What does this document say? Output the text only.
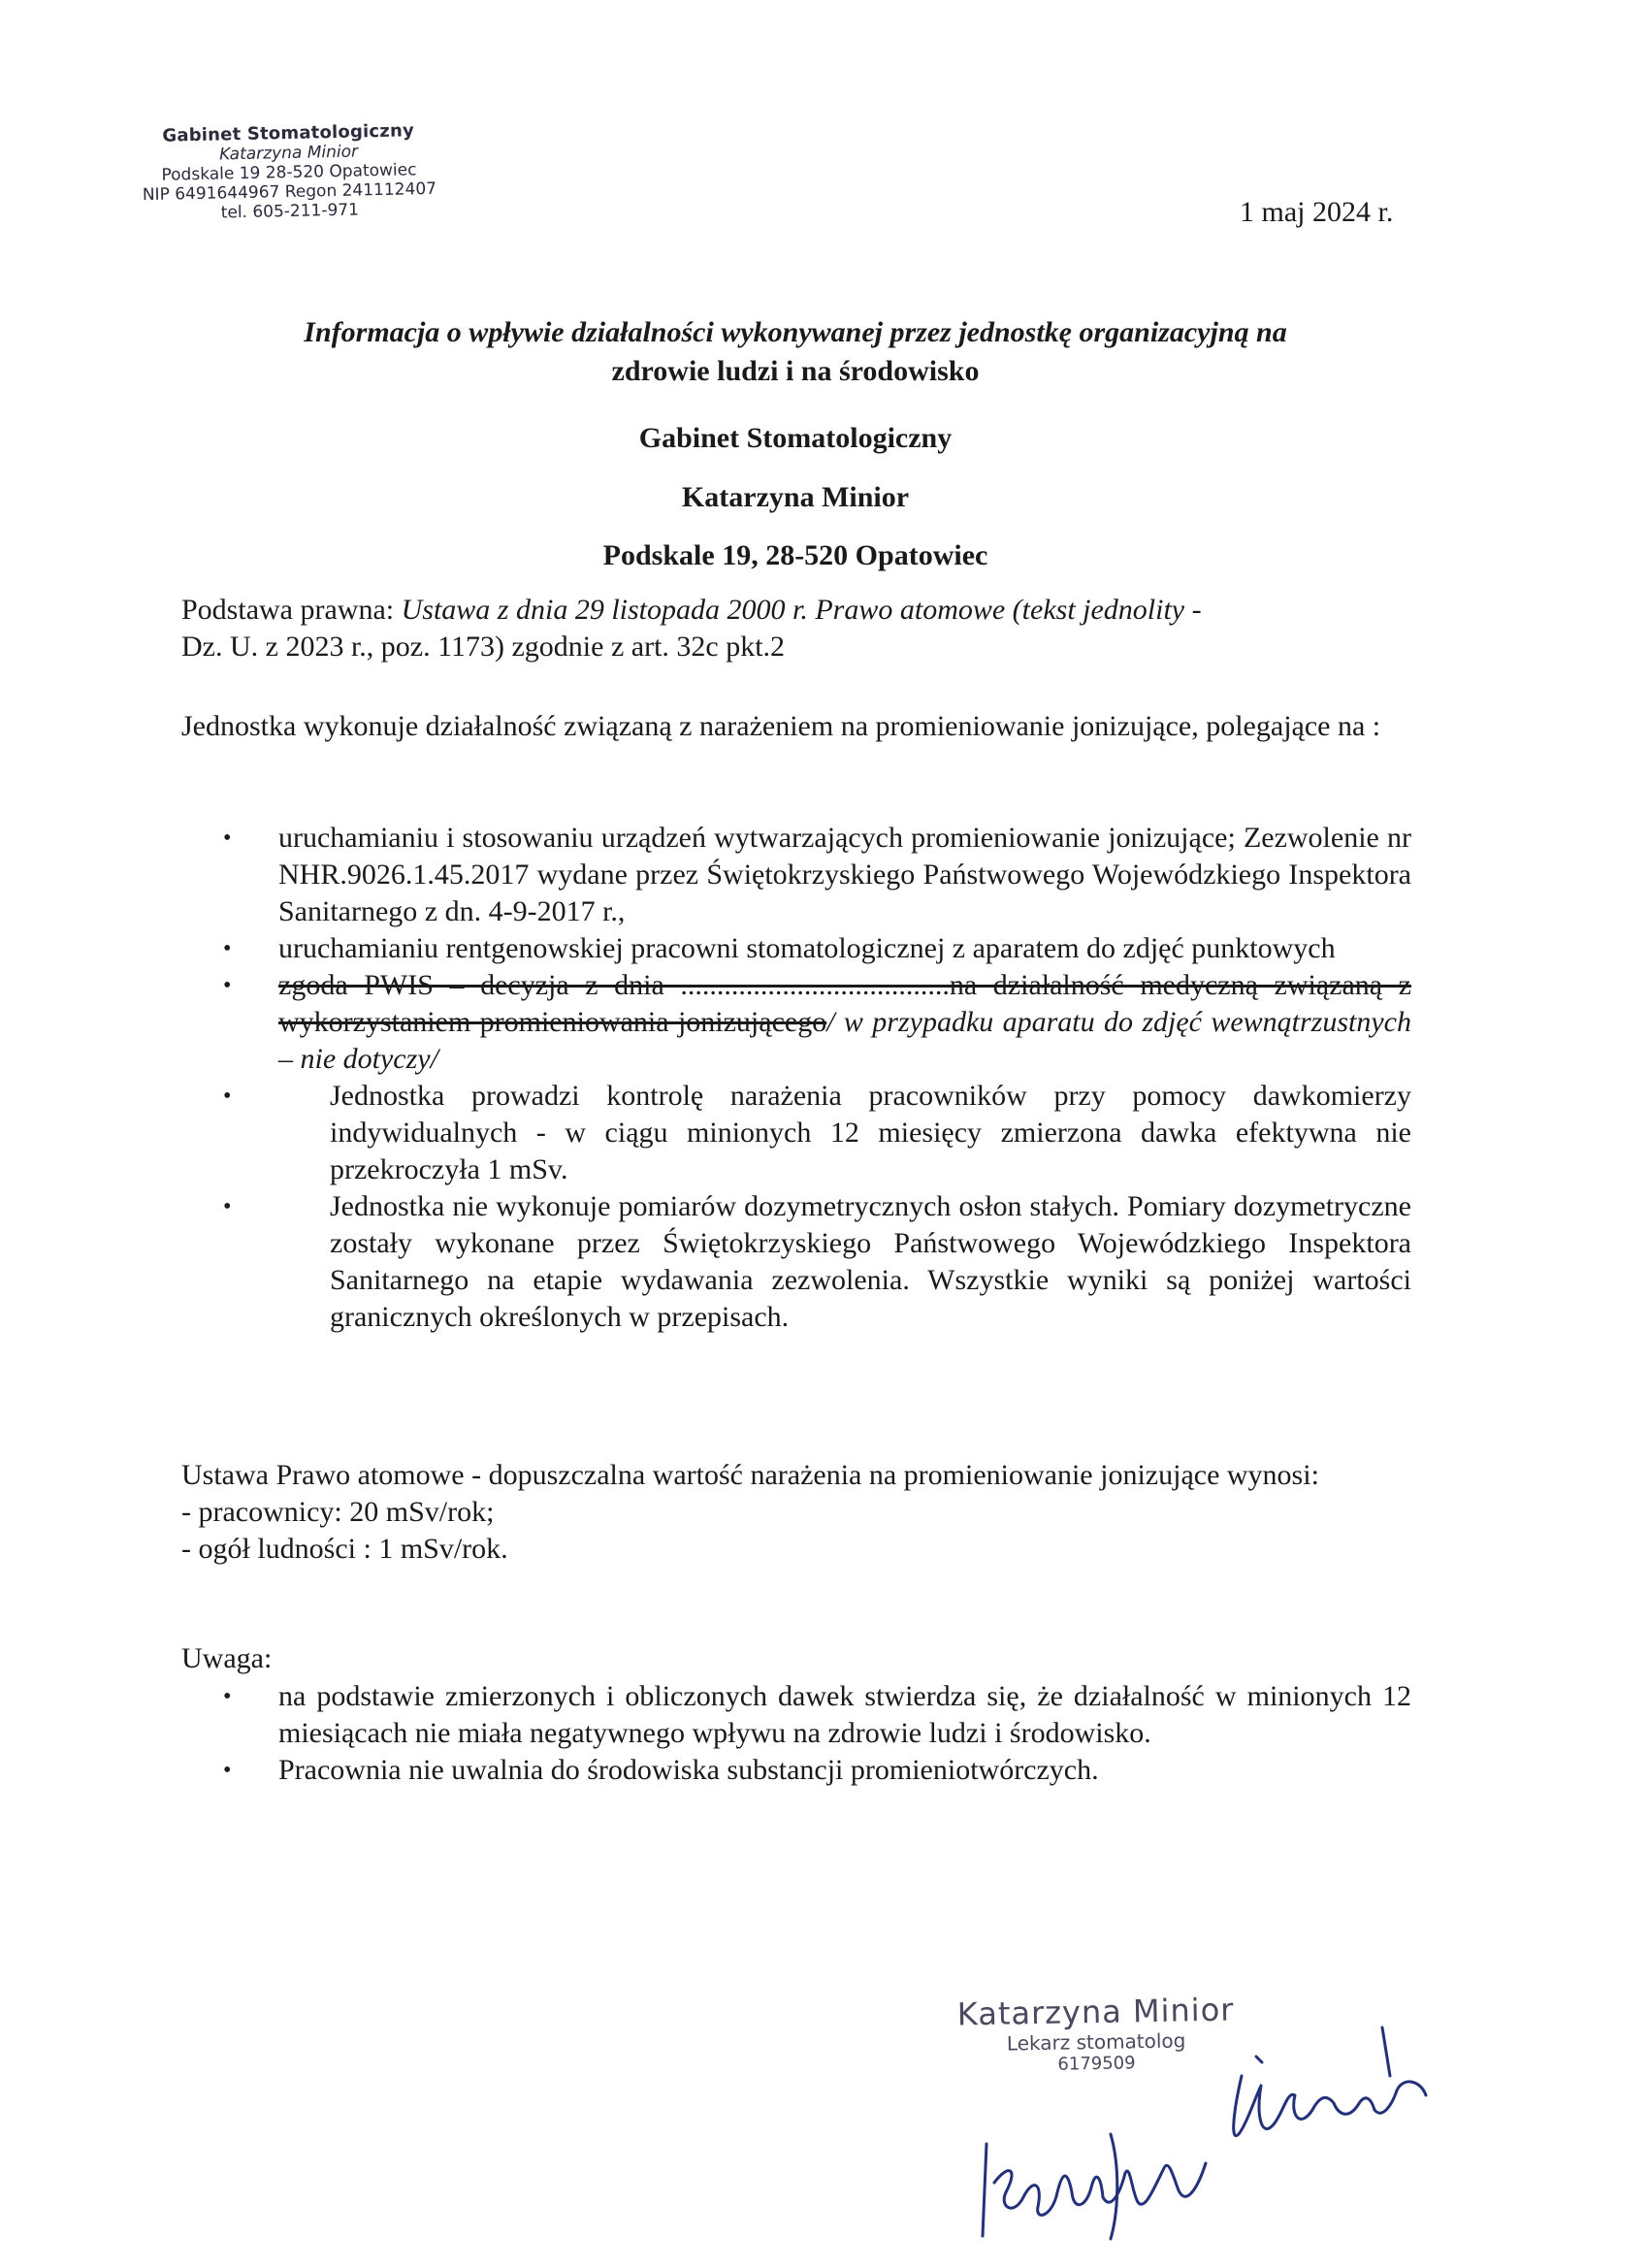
Gabinet Stomatologiczny
Katarzyna Minior
Podskale 19 28-520 Opatowiec
NIP 6491644967 Regon 241112407
tel. 605-211-971	1 maj 2024 r.
Informacja o wpływie działalności wykonywanej przez jednostkę organizacyjną na
zdrowie ludzi i na środowisko
Gabinet Stomatologiczny
Katarzyna Minior
Podskale 19, 28-520 Opatowiec
Podstawa prawna: Ustawa z dnia 29 listopada 2000 r. Prawo atomowe (tekst jednolity -
Dz. U. z 2023 r., poz. 1173) zgodnie z art. 32c pkt.2
Jednostka wykonuje działalność związaną z narażeniem na promieniowanie jonizujące, polegające na :
• uruchamianiu i stosowaniu urządzeń wytwarzających promieniowanie jonizujące; Zezwolenie nr NHR.9026.1.45.2017 wydane przez Świętokrzyskiego Państwowego Wojewódzkiego Inspektora Sanitarnego z dn. 4-9-2017 r.,
• uruchamianiu rentgenowskiej pracowni stomatologicznej z aparatem do zdjęć punktowych
• zgoda PWIS – decyzja z dnia .....................................na działalność medyczną związaną z wykorzystaniem promieniowania jonizującego/ w przypadku aparatu do zdjęć wewnątrzustnych – nie dotyczy/
• Jednostka prowadzi kontrolę narażenia pracowników przy pomocy dawkomierzy indywidualnych - w ciągu minionych 12 miesięcy zmierzona dawka efektywna nie przekroczyła 1 mSv.
• Jednostka nie wykonuje pomiarów dozymetrycznych osłon stałych. Pomiary dozymetryczne zostały wykonane przez Świętokrzyskiego Państwowego Wojewódzkiego Inspektora Sanitarnego na etapie wydawania zezwolenia. Wszystkie wyniki są poniżej wartości granicznych określonych w przepisach.
Ustawa Prawo atomowe - dopuszczalna wartość narażenia na promieniowanie jonizujące wynosi:
- pracownicy: 20 mSv/rok;
- ogół ludności : 1 mSv/rok.
Uwaga:
• na podstawie zmierzonych i obliczonych dawek stwierdza się, że działalność w minionych 12 miesiącach nie miała negatywnego wpływu na zdrowie ludzi i środowisko.
• Pracownia nie uwalnia do środowiska substancji promieniotwórczych.
Katarzyna Minior
Lekarz stomatolog
6179509
